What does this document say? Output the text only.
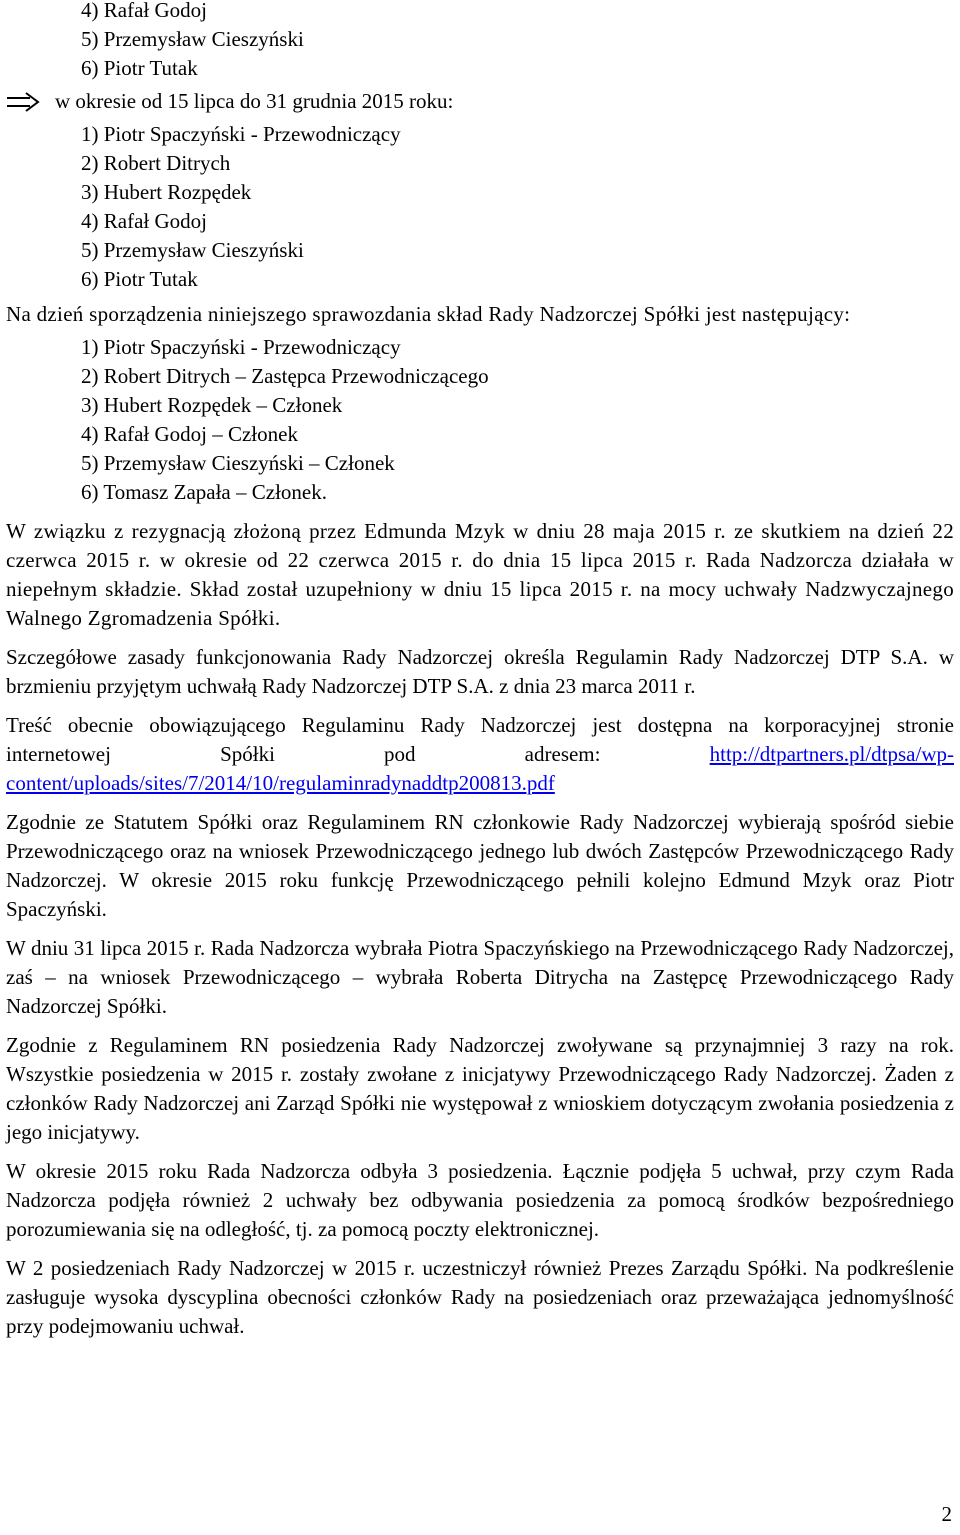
4) Rafał Godoj
5) Przemysław Cieszyński
6) Piotr Tutak
w okresie od 15 lipca do 31 grudnia 2015 roku:
1) Piotr Spaczyński - Przewodniczący
2) Robert Ditrych
3) Hubert Rozpędek
4) Rafał Godoj
5) Przemysław Cieszyński
6) Piotr Tutak

Na dzień sporządzenia niniejszego sprawozdania skład Rady Nadzorczej Spółki jest następujący:

1) Piotr Spaczyński - Przewodniczący
2) Robert Ditrych – Zastępca Przewodniczącego
3) Hubert Rozpędek – Członek
4) Rafał Godoj – Członek
5) Przemysław Cieszyński – Członek
6) Tomasz Zapała – Członek.

W związku z rezygnacją złożoną przez Edmunda Mzyk w dniu 28 maja 2015 r. ze skutkiem na dzień 22 czerwca 2015 r. w okresie od 22 czerwca 2015 r. do dnia 15 lipca 2015 r. Rada Nadzorcza działała w niepełnym składzie. Skład został uzupełniony w dniu 15 lipca 2015 r. na mocy uchwały Nadzwyczajnego Walnego Zgromadzenia Spółki.

Szczegółowe zasady funkcjonowania Rady Nadzorczej określa Regulamin Rady Nadzorczej DTP S.A. w brzmieniu przyjętym uchwałą Rady Nadzorczej DTP S.A. z dnia 23 marca 2011 r.

Treść obecnie obowiązującego Regulaminu Rady Nadzorczej jest dostępna na korporacyjnej stronie internetowej Spółki pod adresem: http://dtpartners.pl/dtpsa/wp-content/uploads/sites/7/2014/10/regulaminradynaddtp200813.pdf

Zgodnie ze Statutem Spółki oraz Regulaminem RN członkowie Rady Nadzorczej wybierają spośród siebie Przewodniczącego oraz na wniosek Przewodniczącego jednego lub dwóch Zastępców Przewodniczącego Rady Nadzorczej. W okresie 2015 roku funkcję Przewodniczącego pełnili kolejno Edmund Mzyk oraz Piotr Spaczyński.

W dniu 31 lipca 2015 r. Rada Nadzorcza wybrała Piotra Spaczyńskiego na Przewodniczącego Rady Nadzorczej, zaś – na wniosek Przewodniczącego – wybrała Roberta Ditrycha na Zastępcę Przewodniczącego Rady Nadzorczej Spółki.

Zgodnie z Regulaminem RN posiedzenia Rady Nadzorczej zwoływane są przynajmniej 3 razy na rok. Wszystkie posiedzenia w 2015 r. zostały zwołane z inicjatywy Przewodniczącego Rady Nadzorczej. Żaden z członków Rady Nadzorczej ani Zarząd Spółki nie występował z wnioskiem dotyczącym zwołania posiedzenia z jego inicjatywy.

W okresie 2015 roku Rada Nadzorcza odbyła 3 posiedzenia. Łącznie podjęła 5 uchwał, przy czym Rada Nadzorcza podjęła również 2 uchwały bez odbywania posiedzenia za pomocą środków bezpośredniego porozumiewania się na odległość, tj. za pomocą poczty elektronicznej.

W 2 posiedzeniach Rady Nadzorczej w 2015 r. uczestniczył również Prezes Zarządu Spółki. Na podkreślenie zasługuje wysoka dyscyplina obecności członków Rady na posiedzeniach oraz przeważająca jednomyślność przy podejmowaniu uchwał.

2
